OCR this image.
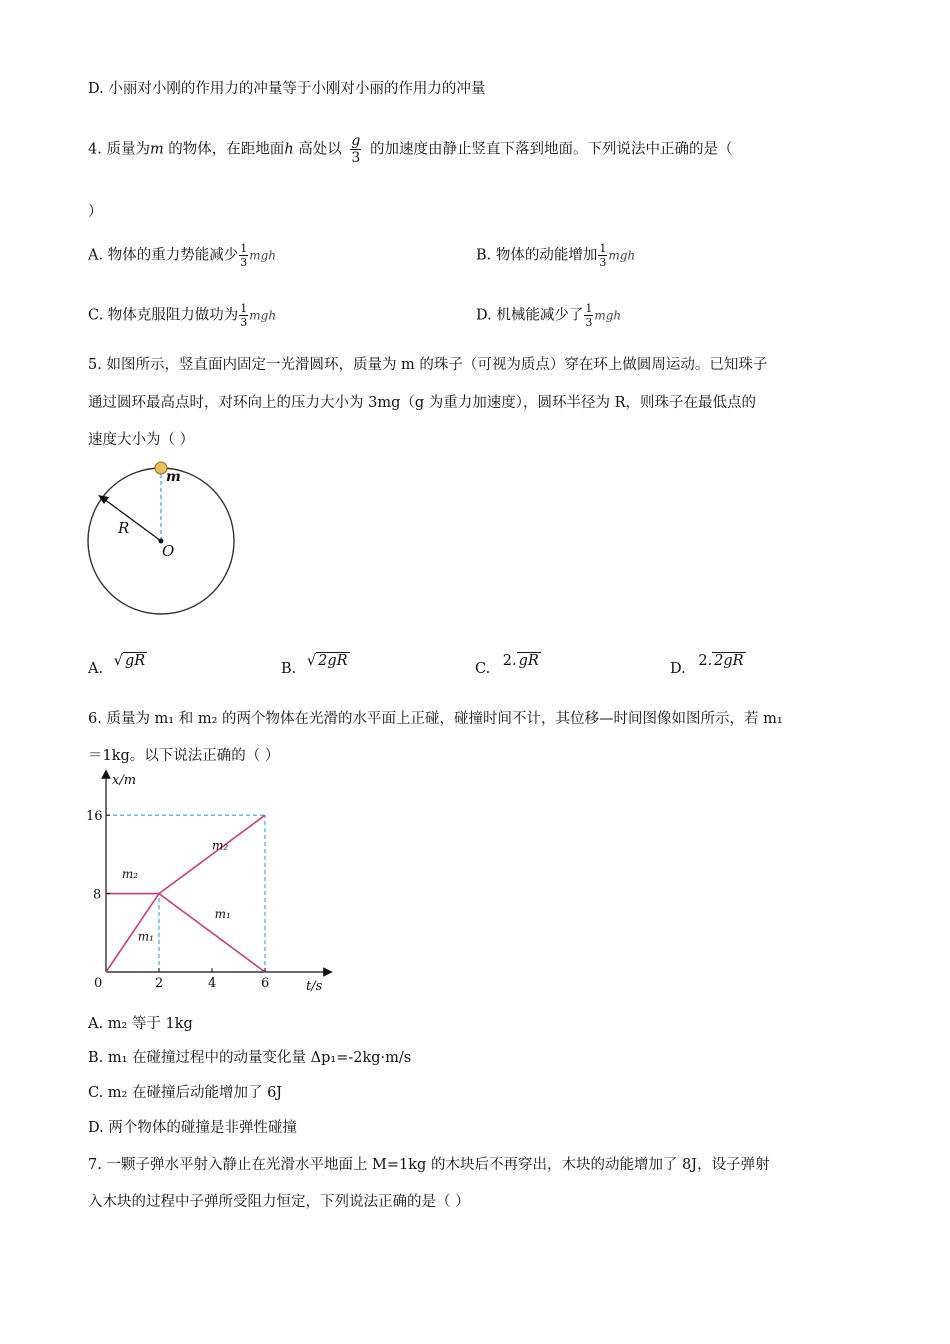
D. 小丽对小刚的作用力的冲量等于小刚对小丽的作用力的冲量
4. 质量为m 的物体，在距地面h 高处以 $\frac{g}{3}$ 的加速度由静止竖直下落到地面。下列说法中正确的是（
）
A. 物体的重力势能减少 $\frac{1}{3}$ mgh	B. 物体的动能增加 $\frac{1}{3}$ mgh
C. 物体克服阻力做功为 $\frac{1}{3}$ mgh	D. 机械能减少了 $\frac{1}{3}$ mgh
5. 如图所示，竖直面内固定一光滑圆环，质量为 m 的珠子（可视为质点）穿在环上做圆周运动。已知珠子
通过圆环最高点时，对环向上的压力大小为 3mg（g 为重力加速度），圆环半径为 R，则珠子在最低点的
速度大小为（ ）
m
R
O
A. √ gR	B. √ 2gR	C. 2. gR	D. 2. 2gR
6. 质量为 m₁ 和 m₂ 的两个物体在光滑的水平面上正碰，碰撞时间不计，其位移—时间图像如图所示，若 m₁
＝1kg。以下说法正确的（ ）
x/m
t/s
m₁
m₁
m₂
m₂
0	2	4	6
8
16
A. m₂ 等于 1kg
B. m₁ 在碰撞过程中的动量变化量 Δp₁=-2kg·m/s
C. m₂ 在碰撞后动能增加了 6J
D. 两个物体的碰撞是非弹性碰撞
7. 一颗子弹水平射入静止在光滑水平地面上 M=1kg 的木块后不再穿出，木块的动能增加了 8J，设子弹射
入木块的过程中子弹所受阻力恒定，下列说法正确的是（ ）
